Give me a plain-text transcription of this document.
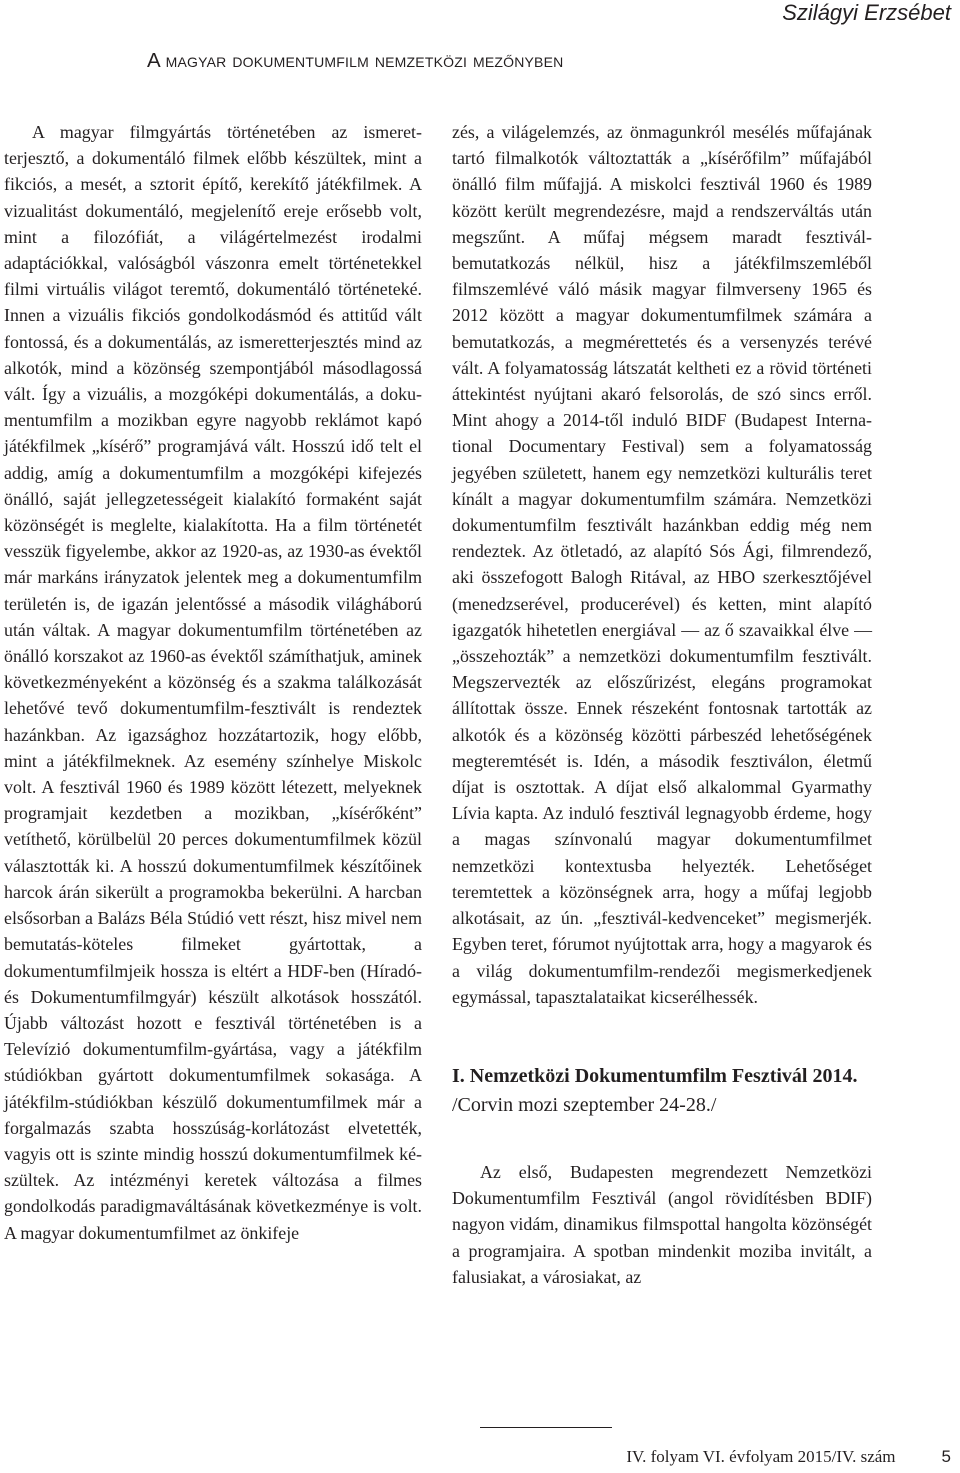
Szilágyi Erzsébet
A magyar dokumentumfilm nemzetközi mezőnyben

A magyar filmgyártás történetében az ismeretterjesztő, a dokumentáló filmek előbb készültek, mint a fikciós, a mesét, a sztorit építő, kerekítő játékfilmek. A vizualitást dokumentáló, megjelenítő ereje erősebb volt, mint a filozófiát, a világértelmezést irodalmi adaptációkkal, valóságból vászonra emelt történetekkel filmi virtuális világot teremtő, dokumentáló történeteké. Innen a vizuális fikciós gondolkodásmód és attitűd vált fontossá, és a dokumentálás, az ismeretterjesztés mind az alkotók, mind a közönség szempontjából másodlagossá vált. Így a vizuális, a mozgóképi dokumentálás, a dokumentumfilm a mozikban egyre nagyobb reklámot kapó játékfilmek „kísérő” programjává vált. Hosszú idő telt el addig, amíg a dokumentumfilm a mozgóképi kifejezés önálló, saját jellegzetességeit kialakító formaként saját közönségét is meglelte, kialakította. Ha a film történetét vesszük figyelembe, akkor az 1920-as, az 1930-as évektől már markáns irányzatok jelentek meg a dokumentumfilm területén is, de igazán jelentőssé a második világháború után váltak. A magyar dokumentumfilm történetében az önálló korszakot az 1960-as évektől számíthatjuk, aminek következményeként a közönség és a szakma találkozását lehetővé tevő dokumentumfilm-fesztivált is rendeztek hazánkban. Az igazsághoz hozzátartozik, hogy előbb, mint a játékfilmeknek. Az esemény színhelye Miskolc volt. A fesztivál 1960 és 1989 között létezett, melyeknek programjait kezdetben a mozikban, „kísérőként” vetíthető, körülbelül 20 perces dokumentumfilmek közül választották ki. A hosszú dokumentumfilmek készítőinek harcok árán sikerült a programokba bekerülni. A harcban elsősorban a Balázs Béla Stúdió vett részt, hisz mivel nem bemutatás-köteles filmeket gyártottak, a dokumentumfilmjeik hossza is eltért a HDF-ben (Híradó- és Dokumentumfilmgyár) készült alkotások hosszától. Újabb változást hozott e fesztivál történetében is a Televízió dokumentumfilm-gyártása, vagy a játékfilm stúdiókban gyártott dokumentumfilmek sokasága. A játékfilm-stúdiókban készülő dokumentumfilmek már a forgalmazás szabta hosszúság-korlátozást elvetették, vagyis ott is szinte mindig hosszú dokumentumfilmek készültek. Az intézményi keretek változása a filmes gondolkodás paradigmaváltásának következménye is volt. A magyar dokumentumfilmet az önkifeje

zés, a világelemzés, az önmagunkról mesélés műfajának tartó filmalkotók változtatták a „kísérőfilm” műfajából önálló film műfajjá. A miskolci fesztivál 1960 és 1989 között került megrendezésre, majd a rendszerváltás után megszűnt. A műfaj mégsem maradt fesztivál-bemutatkozás nélkül, hisz a játékfilmszemléből filmszemlévé váló másik magyar filmverseny 1965 és 2012 között a magyar dokumentumfilmek számára a bemutatkozás, a megmérettetés és a versenyzés terévé vált. A folyamatosság látszatát keltheti ez a rövid történeti áttekintést nyújtani akaró felsorolás, de szó sincs erről. Mint ahogy a 2014-től induló BIDF (Budapest International Documentary Festival) sem a folyamatosság jegyében született, hanem egy nemzetközi kulturális teret kínált a magyar dokumentumfilm számára. Nemzetközi dokumentumfilm fesztivált hazánkban eddig még nem rendeztek. Az ötletadó, az alapító Sós Ági, filmrendező, aki összefogott Balogh Ritával, az HBO szerkesztőjével (menedzserével, producerével) és ketten, mint alapító igazgatók hihetetlen energiával — az ő szavaikkal élve — „összehozták” a nemzetközi dokumentumfilm fesztivált. Megszervezték az előszűrizést, elegáns programokat állítottak össze. Ennek részeként fontosnak tartották az alkotók és a közönség közötti párbeszéd lehetőségének megteremtését is. Idén, a második fesztiválon, életmű díjat is osztottak. A díjat első alkalommal Gyarmathy Lívia kapta. Az induló fesztivál legnagyobb érdeme, hogy a magas színvonalú magyar dokumentumfilmet nemzetközi kontextusba helyezték. Lehetőséget teremtettek a közönségnek arra, hogy a műfaj legjobb alkotásait, az ún. „fesztivál-kedvenceket” megismerjék. Egyben teret, fórumot nyújtottak arra, hogy a magyarok és a világ dokumentumfilm-rendezői megismerkedjenek egymással, tapasztalataikat kicserélhessék.

I. Nemzetközi Dokumentumfilm Fesztivál 2014. /Corvin mozi szeptember 24-28./

Az első, Budapesten megrendezett Nemzetközi Dokumentumfilm Fesztivál (angol rövidítésben BDIF) nagyon vidám, dinamikus filmspottal hangolta közönségét a programjaira. A spotban mindenkit moziba invitált, a falusiakat, a városiakat, az

IV. folyam VI. évfolyam 2015/IV. szám	5
